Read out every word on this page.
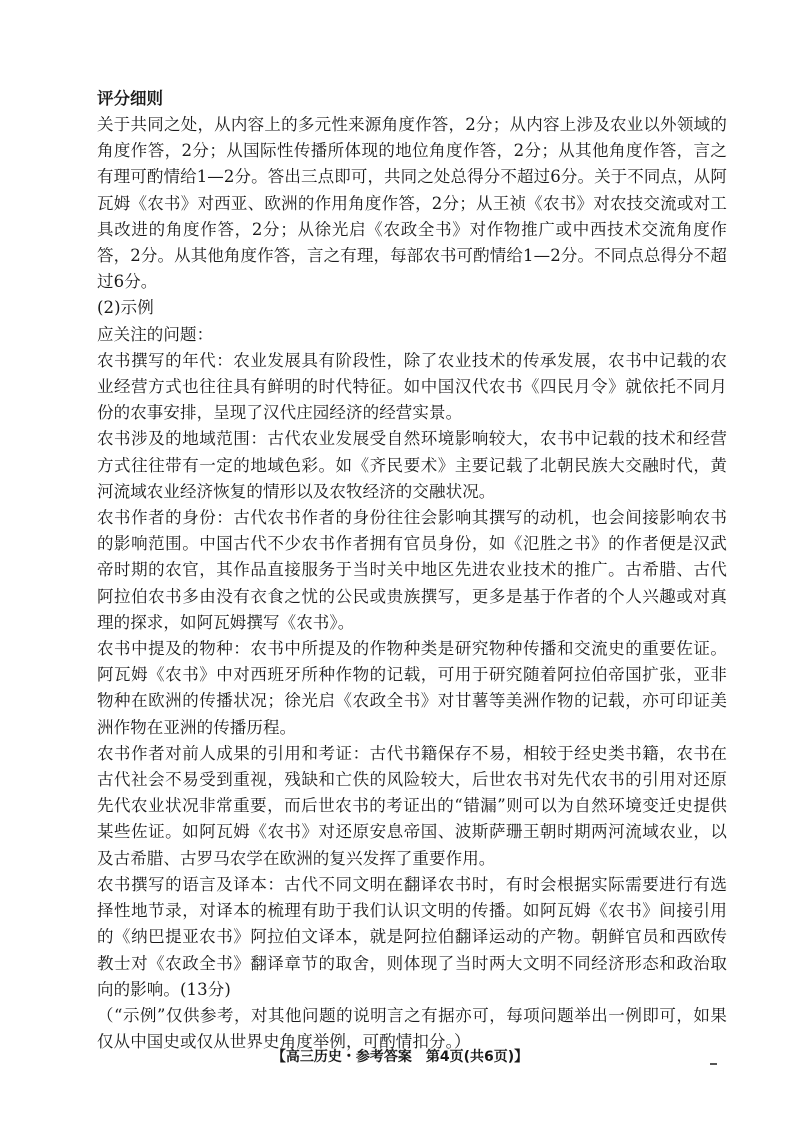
评分细则

关于共同之处，从内容上的多元性来源角度作答，2分；从内容上涉及农业以外领域的角度作答，2分；从国际性传播所体现的地位角度作答，2分；从其他角度作答，言之有理可酌情给1—2分。答出三点即可，共同之处总得分不超过6分。关于不同点，从阿瓦姆《农书》对西亚、欧洲的作用角度作答，2分；从王祯《农书》对农技交流或对工具改进的角度作答，2分；从徐光启《农政全书》对作物推广或中西技术交流角度作答，2分。从其他角度作答，言之有理，每部农书可酌情给1—2分。不同点总得分不超过6分。

(2)示例

应关注的问题：

农书撰写的年代：农业发展具有阶段性，除了农业技术的传承发展，农书中记载的农业经营方式也往往具有鲜明的时代特征。如中国汉代农书《四民月令》就依托不同月份的农事安排，呈现了汉代庄园经济的经营实景。

农书涉及的地域范围：古代农业发展受自然环境影响较大，农书中记载的技术和经营方式往往带有一定的地域色彩。如《齐民要术》主要记载了北朝民族大交融时代，黄河流域农业经济恢复的情形以及农牧经济的交融状况。

农书作者的身份：古代农书作者的身份往往会影响其撰写的动机，也会间接影响农书的影响范围。中国古代不少农书作者拥有官员身份，如《氾胜之书》的作者便是汉武帝时期的农官，其作品直接服务于当时关中地区先进农业技术的推广。古希腊、古代阿拉伯农书多由没有衣食之忧的公民或贵族撰写，更多是基于作者的个人兴趣或对真理的探求，如阿瓦姆撰写《农书》。

农书中提及的物种：农书中所提及的作物种类是研究物种传播和交流史的重要佐证。阿瓦姆《农书》中对西班牙所种作物的记载，可用于研究随着阿拉伯帝国扩张，亚非物种在欧洲的传播状况；徐光启《农政全书》对甘薯等美洲作物的记载，亦可印证美洲作物在亚洲的传播历程。

农书作者对前人成果的引用和考证：古代书籍保存不易，相较于经史类书籍，农书在古代社会不易受到重视，残缺和亡佚的风险较大，后世农书对先代农书的引用对还原先代农业状况非常重要，而后世农书的考证出的“错漏”则可以为自然环境变迁史提供某些佐证。如阿瓦姆《农书》对还原安息帝国、波斯萨珊王朝时期两河流域农业，以及古希腊、古罗马农学在欧洲的复兴发挥了重要作用。

农书撰写的语言及译本：古代不同文明在翻译农书时，有时会根据实际需要进行有选择性地节录，对译本的梳理有助于我们认识文明的传播。如阿瓦姆《农书》间接引用的《纳巴提亚农书》阿拉伯文译本，就是阿拉伯翻译运动的产物。朝鲜官员和西欧传教士对《农政全书》翻译章节的取舍，则体现了当时两大文明不同经济形态和政治取向的影响。(13分)

（“示例”仅供参考，对其他问题的说明言之有据亦可，每项问题举出一例即可，如果仅从中国史或仅从世界史角度举例，可酌情扣分。）

【高三历史・参考答案　第4页(共6页)】
